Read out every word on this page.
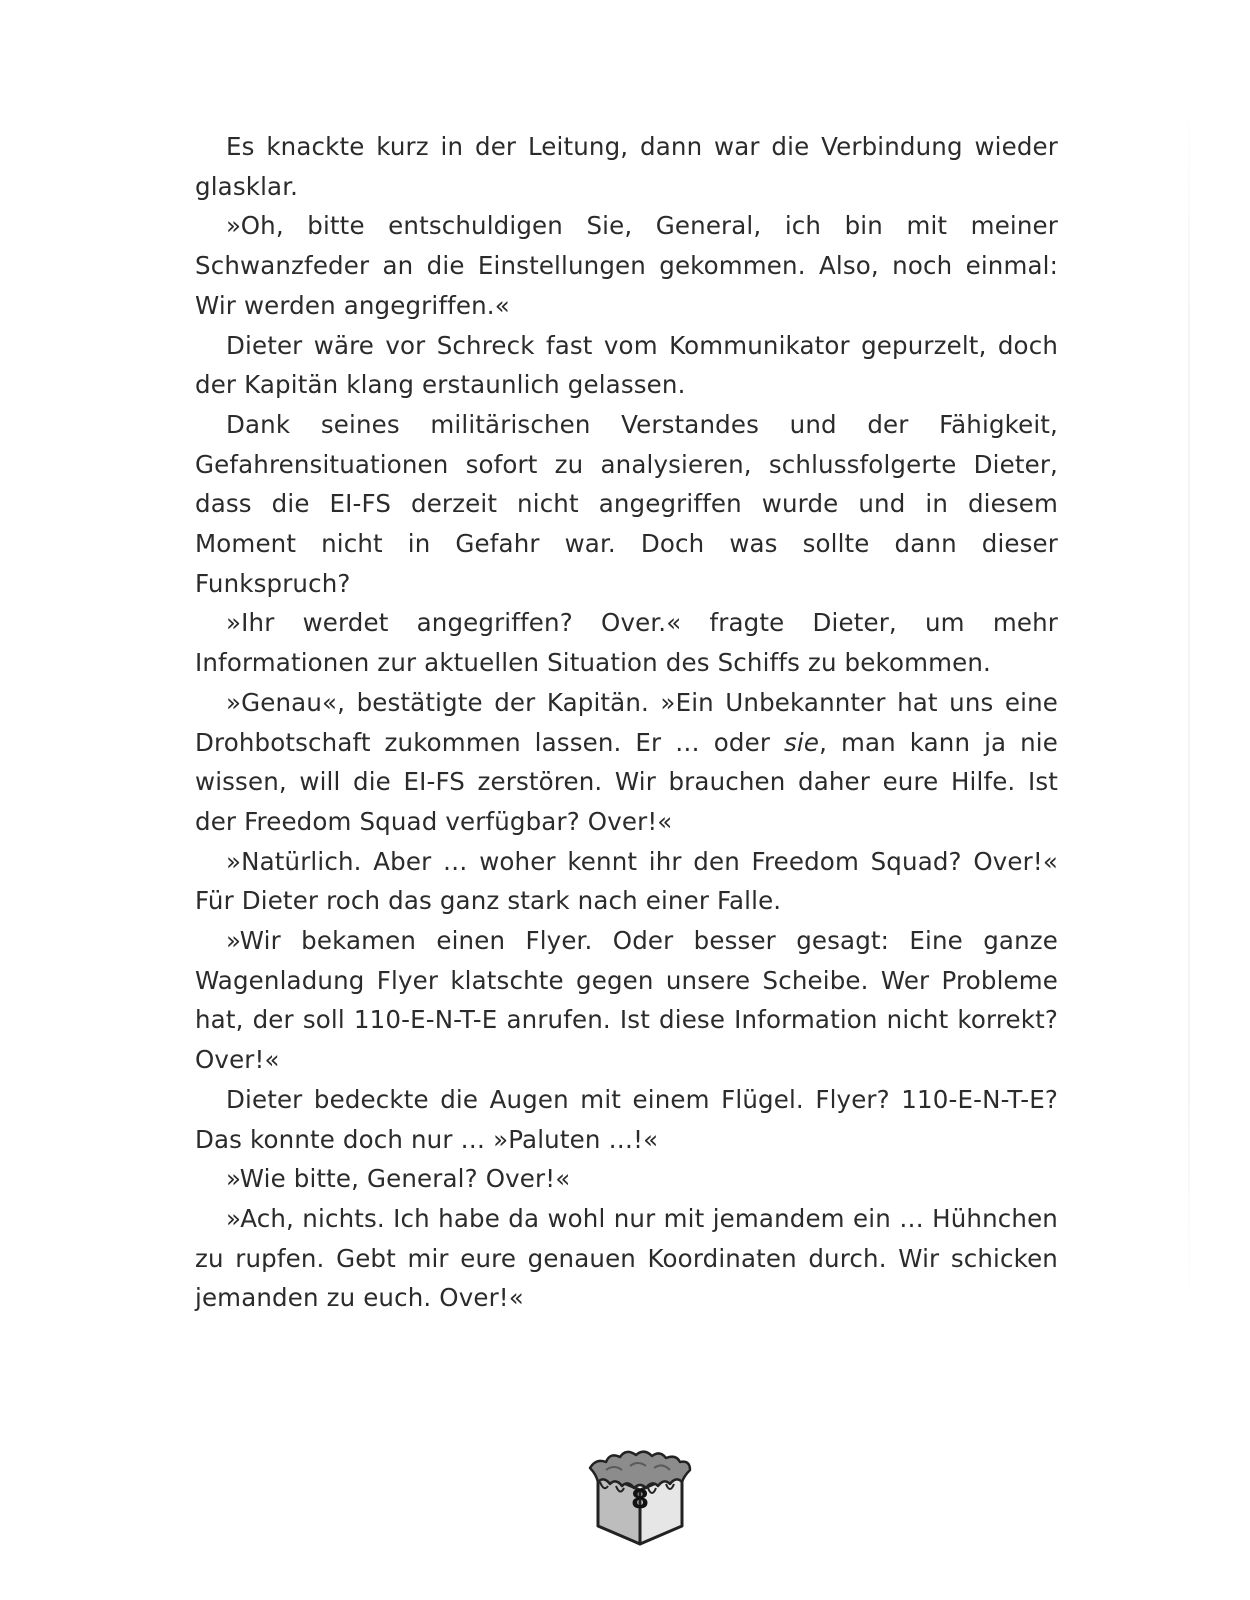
Es knackte kurz in der Leitung, dann war die Verbindung wieder glasklar.

»Oh, bitte entschuldigen Sie, General, ich bin mit meiner Schwanzfeder an die Einstellungen gekommen. Also, noch einmal: Wir werden angegriffen.«

Dieter wäre vor Schreck fast vom Kommunikator gepurzelt, doch der Kapitän klang erstaunlich gelassen.

Dank seines militärischen Verstandes und der Fähigkeit, Gefahrensituationen sofort zu analysieren, schlussfolgerte Dieter, dass die EI-FS derzeit nicht angegriffen wurde und in diesem Moment nicht in Gefahr war. Doch was sollte dann dieser Funkspruch?

»Ihr werdet angegriffen? Over.« fragte Dieter, um mehr Informationen zur aktuellen Situation des Schiffs zu bekommen.

»Genau«, bestätigte der Kapitän. »Ein Unbekannter hat uns eine Drohbotschaft zukommen lassen. Er … oder sie, man kann ja nie wissen, will die EI-FS zerstören. Wir brauchen daher eure Hilfe. Ist der Freedom Squad verfügbar? Over!«

»Natürlich. Aber … woher kennt ihr den Freedom Squad? Over!« Für Dieter roch das ganz stark nach einer Falle.

»Wir bekamen einen Flyer. Oder besser gesagt: Eine ganze Wagenladung Flyer klatschte gegen unsere Scheibe. Wer Probleme hat, der soll 110-E-N-T-E anrufen. Ist diese Information nicht korrekt? Over!«

Dieter bedeckte die Augen mit einem Flügel. Flyer? 110-E-N-T-E? Das konnte doch nur … »Paluten …!«

»Wie bitte, General? Over!«

»Ach, nichts. Ich habe da wohl nur mit jemandem ein … Hühnchen zu rupfen. Gebt mir eure genauen Koordinaten durch. Wir schicken jemanden zu euch. Over!«

8
